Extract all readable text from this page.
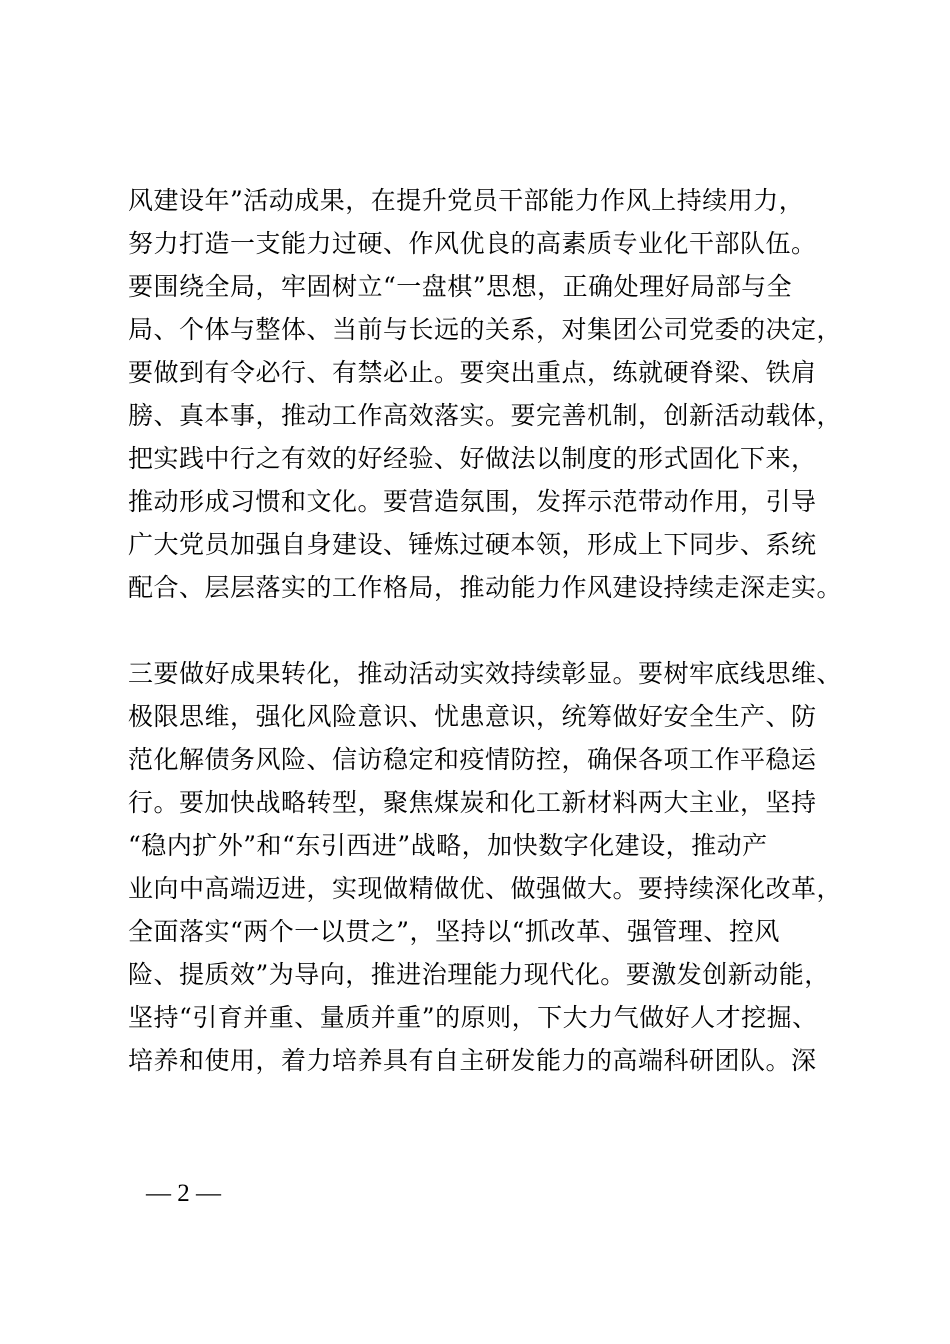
风建设年”活动成果，在提升党员干部能力作风上持续用力，
努力打造一支能力过硬、作风优良的高素质专业化干部队伍。
要围绕全局，牢固树立“一盘棋”思想，正确处理好局部与全
局、个体与整体、当前与长远的关系，对集团公司党委的决定，
要做到有令必行、有禁必止。要突出重点，练就硬脊梁、铁肩
膀、真本事，推动工作高效落实。要完善机制，创新活动载体，
把实践中行之有效的好经验、好做法以制度的形式固化下来，
推动形成习惯和文化。要营造氛围，发挥示范带动作用，引导
广大党员加强自身建设、锤炼过硬本领，形成上下同步、系统
配合、层层落实的工作格局，推动能力作风建设持续走深走实。
三要做好成果转化，推动活动实效持续彰显。要树牢底线思维、
极限思维，强化风险意识、忧患意识，统筹做好安全生产、防
范化解债务风险、信访稳定和疫情防控，确保各项工作平稳运
行。要加快战略转型，聚焦煤炭和化工新材料两大主业，坚持
“稳内扩外”和“东引西进”战略，加快数字化建设，推动产
业向中高端迈进，实现做精做优、做强做大。要持续深化改革，
全面落实“两个一以贯之”，坚持以“抓改革、强管理、控风
险、提质效”为导向，推进治理能力现代化。要激发创新动能，
坚持“引育并重、量质并重”的原则，下大力气做好人才挖掘、
培养和使用，着力培养具有自主研发能力的高端科研团队。深
— 2 —
